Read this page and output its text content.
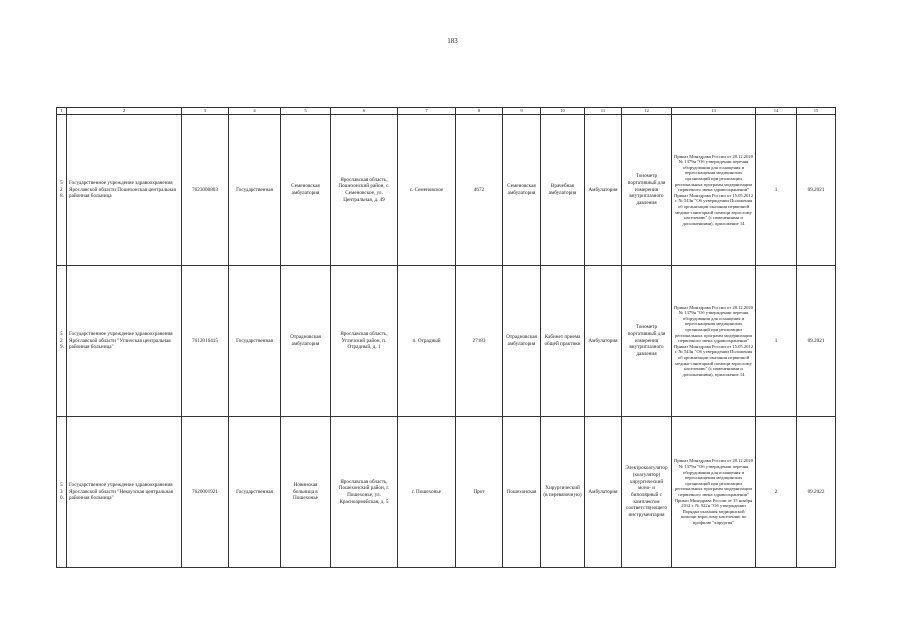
183
1	2	3	4	5	6	7	8	9	10	11	12	13	14	15
528.	Государственное учреждение здравоохранения Ярославской области Пошехонская центральная районная больница	7623000803	Государственная	Семеновская амбулатория	Ярославская область, Пошехонский район, с. Семеновское, ул. Центральная, д. 49	с. Семеновское	4672	Семеновская амбулатория	Врачебная амбулатория	Амбулатория	Тонометр портативный для измерения внутриглазного давления	Приказ Минздрава России от 28.12.2020 № 1379н "Об утверждении перечня оборудования для оснащения и переоснащения медицинских организаций при реализации региональных программ модернизации первичного звена здравоохранения" Приказ Минздрава России от 15.05.2012 г. № 543н "Об утверждении Положения об организации оказания первичной медико-санитарной помощи взрослому населению" (с изменениями и дополнениями), приложение 14	1	09.2021
529.	Государственное учреждение здравоохранения Ярославской области "Угличская центральная районная больница"	7612016415	Государственная	Отрадновская амбулатория	Ярославская область, Угличский район, п. Отрадный, д. 1	п. Отрадный	27183	Отрадновская амбулатория	Кабинет приема общей практики	Амбулатория	Тонометр портативный для измерения внутриглазного давления	Приказ Минздрава России от 28.12.2020 № 1379н "Об утверждении перечня оборудования для оснащения и переоснащения медицинских организаций при реализации региональных программ модернизации первичного звена здравоохранения" Приказ Минздрава России от 15.05.2012 г. № 543н "Об утверждении Положения об организации оказания первичной медико-санитарной помощи взрослому населению" (с изменениями и дополнениями), приложение 14	1	09.2021
530.	Государственное учреждение здравоохранения Ярославской области "Некоузская центральная районная больница"	7620001921	Государственная	Новинская больница в Пошехонье	Ярославская область, Пошехонский район, г. Пошехонье, ул. Красноармейская, д. 5	г. Пошехонье	Прот	Пошехонская	Хирургический (в перевязочную)	Амбулатория	Электрокоагулятор (коагулятор) хирургический моно- и биполярный с комплектом соответствующего инструментария	Приказ Минздрава России от 28.12.2020 № 1379н "Об утверждении перечня оборудования для оснащения и переоснащения медицинских организаций при реализации региональных программ модернизации первичного звена здравоохранения" Приказ Минздрава России от 15 ноября 2012 г. № 922н "Об утверждении Порядка оказания медицинской помощи взрослому населению по профилю "хирургия"	2	09.2022
